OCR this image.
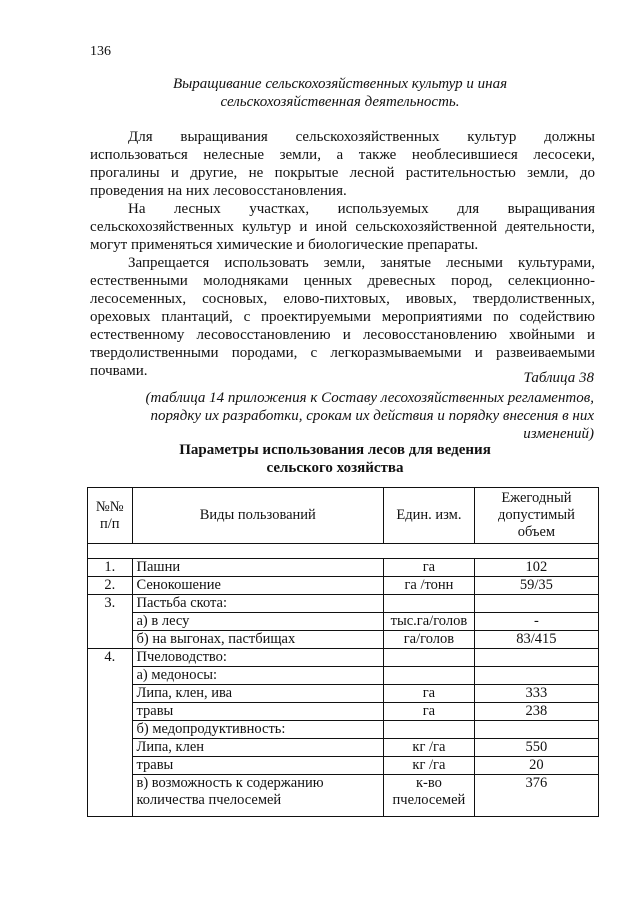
136
Выращивание сельскохозяйственных культур и иная сельскохозяйственная деятельность.

Для выращивания сельскохозяйственных культур должны использоваться нелесные земли, а также необлесившиеся лесосеки, прогалины и другие, не покрытые лесной растительностью земли, до проведения на них лесовосстановления.

На лесных участках, используемых для выращивания сельскохозяйственных культур и иной сельскохозяйственной деятельности, могут применяться химические и биологические препараты.

Запрещается использовать земли, занятые лесными культурами, естественными молодняками ценных древесных пород, селекционно-лесосеменных, сосновых, елово-пихтовых, ивовых, твердолиственных, ореховых плантаций, с проектируемыми мероприятиями по содействию естественному лесовосстановлению и лесовосстановлению хвойными и твердолиственными породами, с легкоразмываемыми и развеиваемыми почвами.	Таблица 38
(таблица 14 приложения к Составу лесохозяйственных регламентов, порядку их разработки, срокам их действия и порядку внесения в них изменений)
Параметры использования лесов для ведения сельского хозяйства
№№ п/п	Виды пользований	Един. изм.	Ежегодный допустимый объем

1.	Пашни	га	102
2.	Сенокошение	га /тонн	59/35
3.	Пастьба скота:		
	а) в лесу	тыс.га/голов	-
	б) на выгонах, пастбищах	га/голов	83/415
4.	Пчеловодство:		
	а) медоносы:		
	Липа, клен, ива	га	333
	травы	га	238
	б) медопродуктивность:		
	Липа, клен	кг /га	550
	травы	кг /га	20
	в) возможность к содержанию количества пчелосемей	к-во пчелосемей	376
